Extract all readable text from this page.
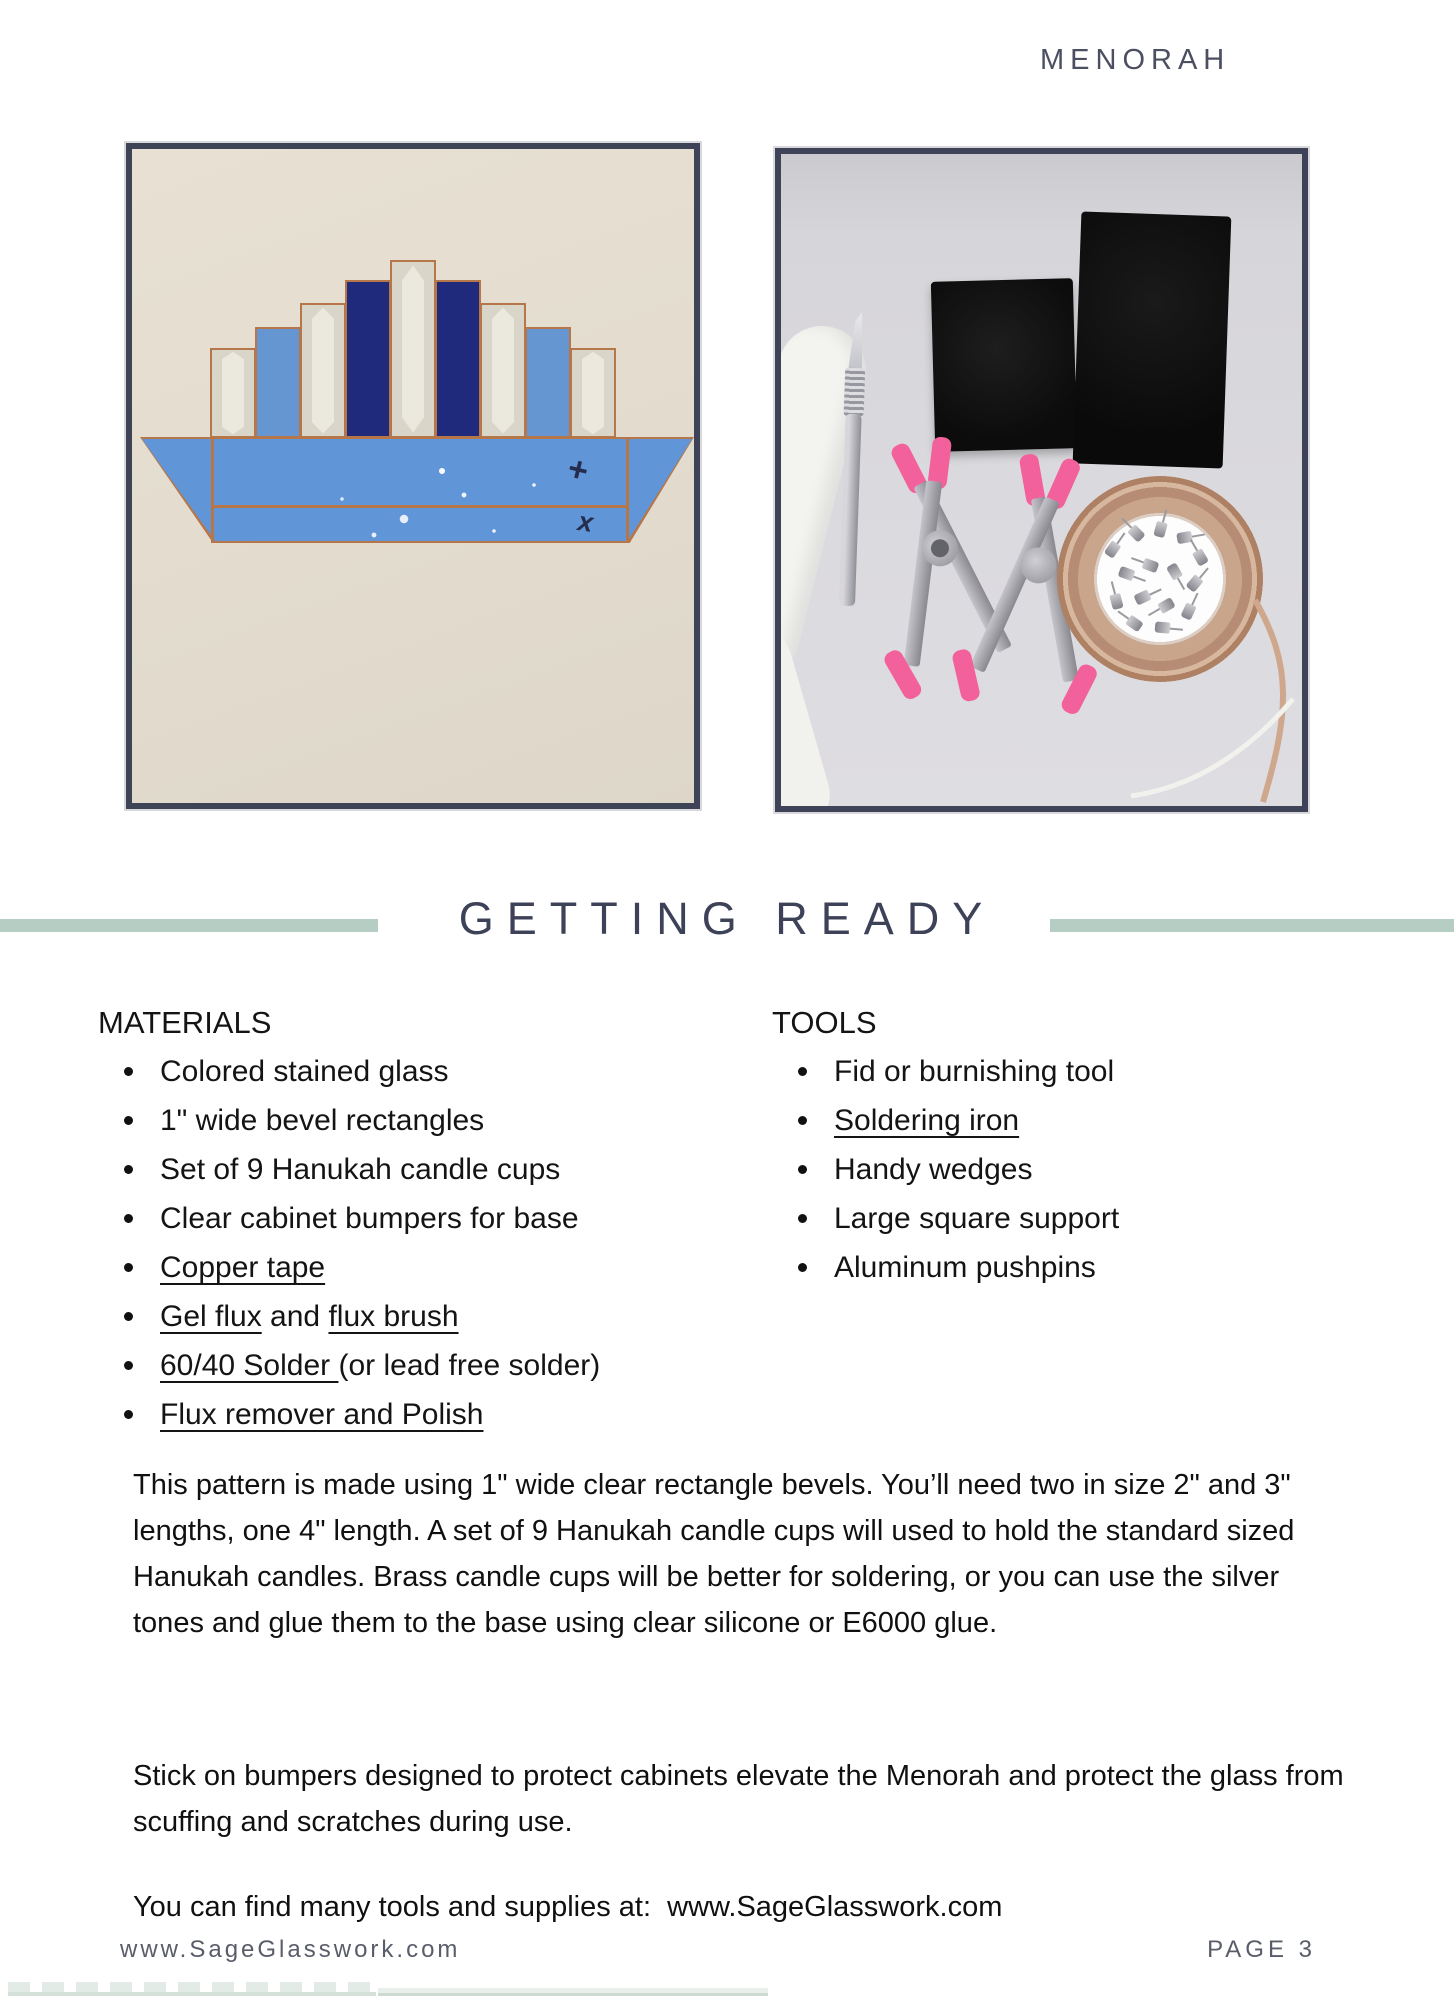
MENORAH
+
x
GETTING READY
MATERIALS
Colored stained glass
1" wide bevel rectangles
Set of 9 Hanukah candle cups
Clear cabinet bumpers for base
Copper tape
Gel flux and flux brush
60/40 Solder (or lead free solder)
Flux remover and Polish
TOOLS
Fid or burnishing tool
Soldering iron
Handy wedges
Large square support
Aluminum pushpins

This pattern is made using 1" wide clear rectangle bevels. You’ll need two in size 2" and 3" lengths, one 4" length. A set of 9 Hanukah candle cups will used to hold the standard sized Hanukah candles. Brass candle cups will be better for soldering, or you can use the silver tones and glue them to the base using clear silicone or E6000 glue.

Stick on bumpers designed to protect cabinets elevate the Menorah and protect the glass from scuffing and scratches during use.

You can find many tools and supplies at:  www.SageGlasswork.com

www.SageGlasswork.com	PAGE 3
